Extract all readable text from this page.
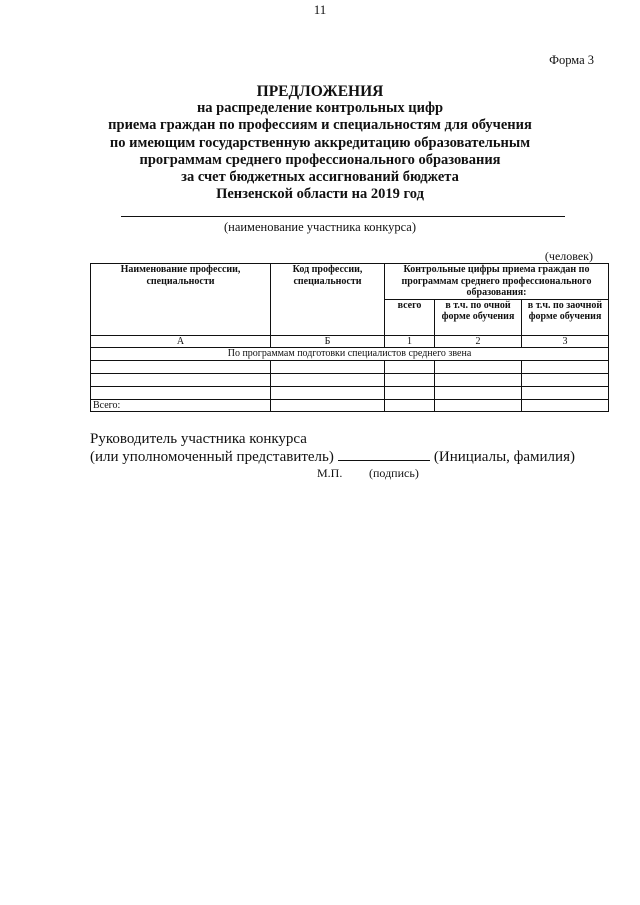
11
Форма 3
ПРЕДЛОЖЕНИЯ
на распределение контрольных цифр
приема граждан по профессиям и специальностям для обучения
по имеющим государственную аккредитацию образовательным
программам среднего профессионального образования
за счет бюджетных ассигнований бюджета
Пензенской области на 2019 год
(наименование участника конкурса)
(человек)
Наименование профессии, специальности	Код профессии, специальности	Контрольные цифры приема граждан по программам среднего профессионального образования:		
		всего	в т.ч. по очной форме обучения	в т.ч. по заочной форме обучения
А	Б	1	2	3
По программам подготовки специалистов среднего звена				

Всего:				
Руководитель участника конкурса
(или уполномоченный представитель)	(Инициалы, фамилия)
М.П. (подпись)
